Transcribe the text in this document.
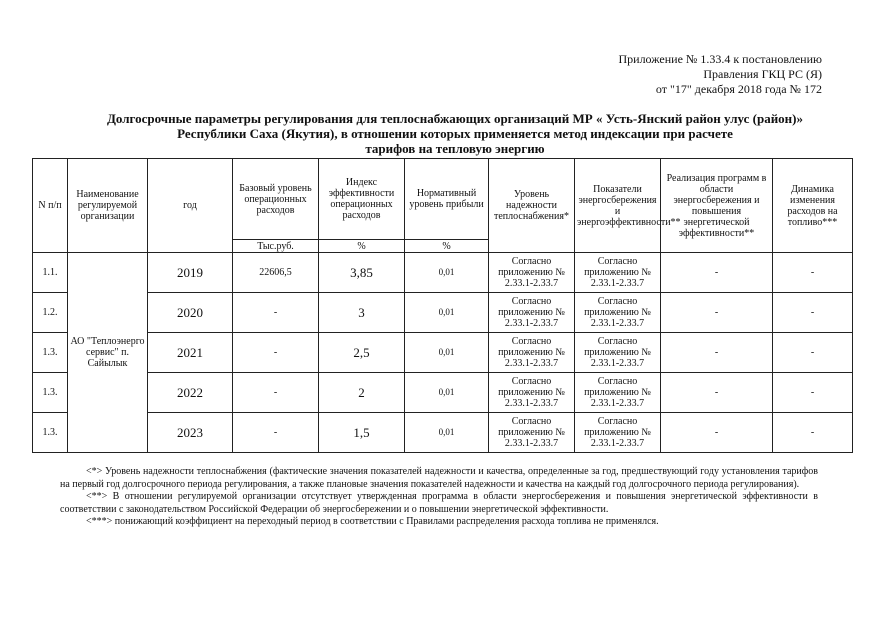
Приложение № 1.33.4 к постановлению
Правления ГКЦ РС (Я)
от "17" декабря 2018 года № 172
Долгосрочные параметры регулирования для теплоснабжающих организаций МР « Усть-Янский район улус (район)»
Республики Саха (Якутия), в отношении которых применяется метод индексации при расчете
тарифов на тепловую энергию
N п/п	Наименование регулируемой организации	год	Базовый уровень операционных расходов	Индекс эффективности операционных расходов	Нормативный уровень прибыли	Уровень надежности теплоснабжения*	Показатели энергосбережения и энергоэффективности**	Реализация программ в области энергосбережения и повышения энергетической эффективности**	Динамика изменения расходов на топливо***
			Тыс.руб.	%	%				
1.1.	АО "Теплоэнерго сервис" п. Сайылык	2019	22606,5	3,85	0,01	Согласно приложению № 2.33.1-2.33.7	Согласно приложению № 2.33.1-2.33.7	-	-
1.2.		2020	-	3	0,01	Согласно приложению № 2.33.1-2.33.7	Согласно приложению № 2.33.1-2.33.7	-	-
1.3.		2021	-	2,5	0,01	Согласно приложению № 2.33.1-2.33.7	Согласно приложению № 2.33.1-2.33.7	-	-
1.3.		2022	-	2	0,01	Согласно приложению № 2.33.1-2.33.7	Согласно приложению № 2.33.1-2.33.7	-	-
1.3.		2023	-	1,5	0,01	Согласно приложению № 2.33.1-2.33.7	Согласно приложению № 2.33.1-2.33.7	-	-

<*> Уровень надежности теплоснабжения (фактические значения показателей надежности и качества, определенные за год, предшествующий году установления тарифов на первый год долгосрочного периода регулирования, а также плановые значения показателей надежности и качества на каждый год долгосрочного периода регулирования).

<**> В отношении регулируемой организации отсутствует утвержденная программа в области энергосбережения и повышения энергетической эффективности в соответствии с законодательством Российской Федерации об энергосбережении и о повышении энергетической эффективности.

<***> понижающий коэффициент на переходный период в соответствии с Правилами распределения расхода топлива не применялся.
